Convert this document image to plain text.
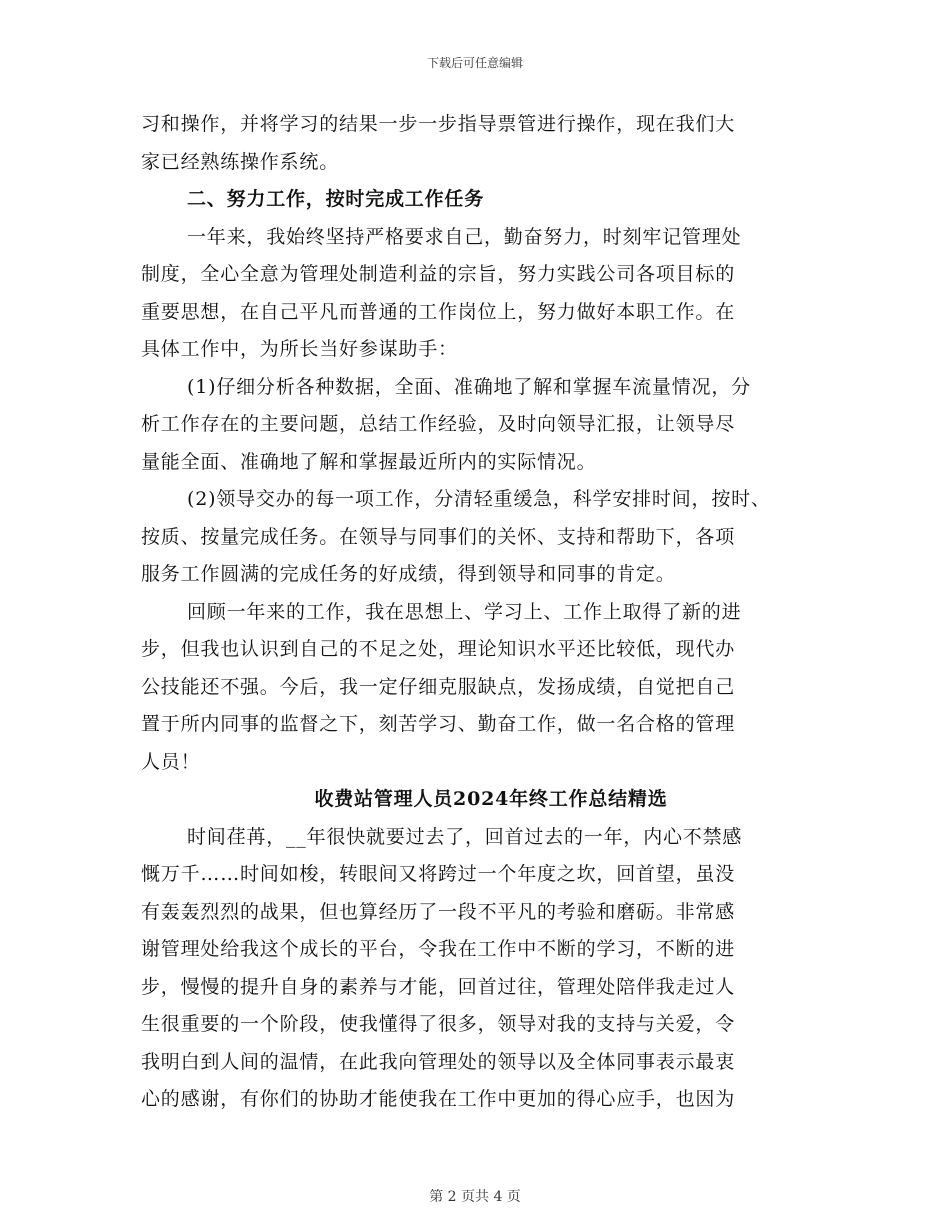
下载后可任意编辑
习和操作，并将学习的结果一步一步指导票管进行操作，现在我们大
家已经熟练操作系统。
二、努力工作，按时完成工作任务
一年来，我始终坚持严格要求自己，勤奋努力，时刻牢记管理处
制度，全心全意为管理处制造利益的宗旨，努力实践公司各项目标的
重要思想，在自己平凡而普通的工作岗位上，努力做好本职工作。在
具体工作中，为所长当好参谋助手：
(1)仔细分析各种数据，全面、准确地了解和掌握车流量情况，分
析工作存在的主要问题，总结工作经验，及时向领导汇报，让领导尽
量能全面、准确地了解和掌握最近所内的实际情况。
(2)领导交办的每一项工作，分清轻重缓急，科学安排时间，按时、
按质、按量完成任务。在领导与同事们的关怀、支持和帮助下，各项
服务工作圆满的完成任务的好成绩，得到领导和同事的肯定。
回顾一年来的工作，我在思想上、学习上、工作上取得了新的进
步，但我也认识到自己的不足之处，理论知识水平还比较低，现代办
公技能还不强。今后，我一定仔细克服缺点，发扬成绩，自觉把自己
置于所内同事的监督之下，刻苦学习、勤奋工作，做一名合格的管理
人员！
收费站管理人员2024年终工作总结精选
时间荏苒，__年很快就要过去了，回首过去的一年，内心不禁感
慨万千……时间如梭，转眼间又将跨过一个年度之坎，回首望，虽没
有轰轰烈烈的战果，但也算经历了一段不平凡的考验和磨砺。非常感
谢管理处给我这个成长的平台，令我在工作中不断的学习，不断的进
步，慢慢的提升自身的素养与才能，回首过往，管理处陪伴我走过人
生很重要的一个阶段，使我懂得了很多，领导对我的支持与关爱，令
我明白到人间的温情，在此我向管理处的领导以及全体同事表示最衷
心的感谢，有你们的协助才能使我在工作中更加的得心应手，也因为
第 2 页共 4 页
